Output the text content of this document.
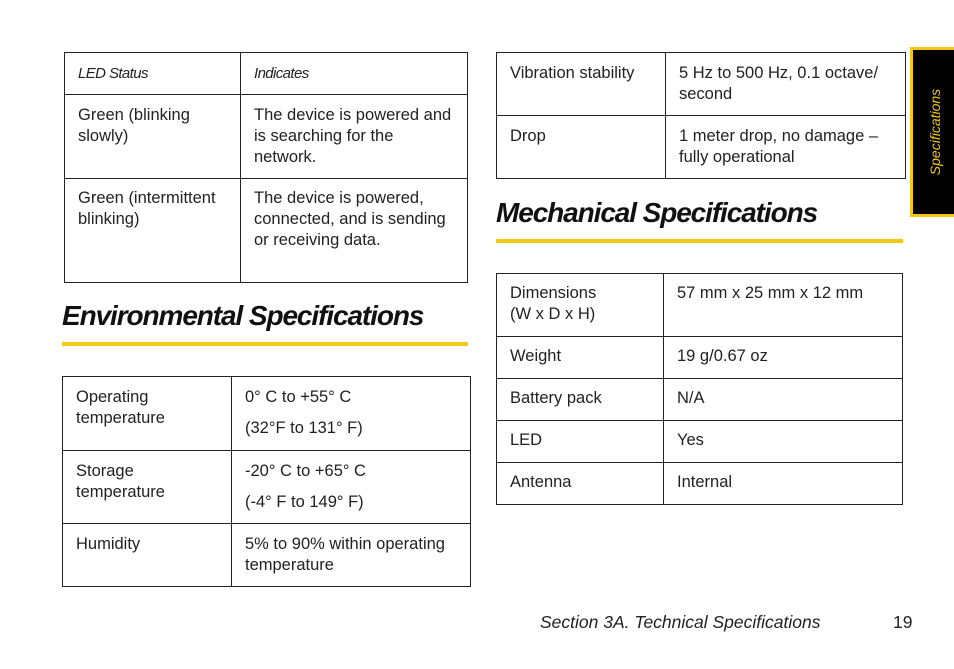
LED Status	Indicates
Green (blinking slowly)	The device is powered and is searching for the network.
Green (intermittent blinking)	The device is powered, connected, and is sending or receiving data.
Environmental Specifications
Operating temperature	0° C to +55° C

(32°F to 131° F)

Storage temperature	-20° C to +65° C

(-4° F to 149° F)

Humidity	5% to 90% within operating temperature

Vibration stability	5 Hz to 500 Hz, 0.1 octave/ second
Drop	1 meter drop, no damage – fully operational
Mechanical Specifications
Dimensions
(W x D x H)	57 mm x 25 mm x 12 mm
Weight	19 g/0.67 oz
Battery pack	N/A
LED	Yes
Antenna	Internal
Specifications
Section 3A. Technical Specifications	19
